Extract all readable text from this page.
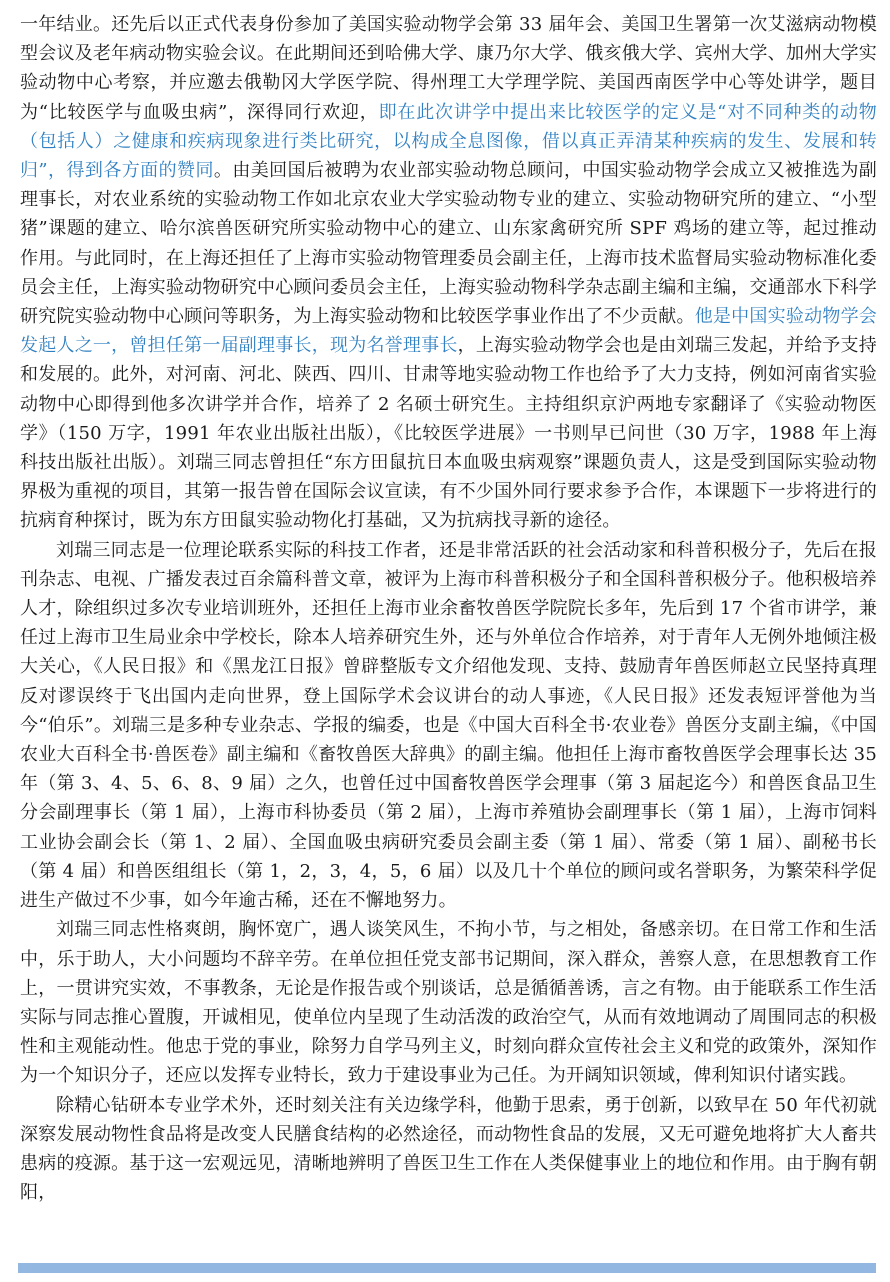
一年结业。还先后以正式代表身份参加了美国实验动物学会第 33 届年会、美国卫生署第一次艾滋病动物模型会议及老年病动物实验会议。在此期间还到哈佛大学、康乃尔大学、俄亥俄大学、宾州大学、加州大学实验动物中心考察，并应邀去俄勒冈大学医学院、得州理工大学理学院、美国西南医学中心等处讲学，题目为“比较医学与血吸虫病”，深得同行欢迎，即在此次讲学中提出来比较医学的定义是“对不同种类的动物（包括人）之健康和疾病现象进行类比研究，以构成全息图像，借以真正弄清某种疾病的发生、发展和转归”，得到各方面的赞同。由美回国后被聘为农业部实验动物总顾问，中国实验动物学会成立又被推选为副理事长，对农业系统的实验动物工作如北京农业大学实验动物专业的建立、实验动物研究所的建立、“小型猪”课题的建立、哈尔滨兽医研究所实验动物中心的建立、山东家禽研究所 SPF 鸡场的建立等，起过推动作用。与此同时，在上海还担任了上海市实验动物管理委员会副主任，上海市技术监督局实验动物标准化委员会主任，上海实验动物研究中心顾问委员会主任，上海实验动物科学杂志副主编和主编，交通部水下科学研究院实验动物中心顾问等职务，为上海实验动物和比较医学事业作出了不少贡献。他是中国实验动物学会发起人之一，曾担任第一届副理事长，现为名誉理事长，上海实验动物学会也是由刘瑞三发起，并给予支持和发展的。此外，对河南、河北、陕西、四川、甘肃等地实验动物工作也给予了大力支持，例如河南省实验动物中心即得到他多次讲学并合作，培养了 2 名硕士研究生。主持组织京沪两地专家翻译了《实验动物医学》（150 万字，1991 年农业出版社出版），《比较医学进展》一书则早已问世（30 万字，1988 年上海科技出版社出版）。刘瑞三同志曾担任“东方田鼠抗日本血吸虫病观察”课题负责人，这是受到国际实验动物界极为重视的项目，其第一报告曾在国际会议宣读，有不少国外同行要求参予合作，本课题下一步将进行的抗病育种探讨，既为东方田鼠实验动物化打基础，又为抗病找寻新的途径。

刘瑞三同志是一位理论联系实际的科技工作者，还是非常活跃的社会活动家和科普积极分子，先后在报刊杂志、电视、广播发表过百余篇科普文章，被评为上海市科普积极分子和全国科普积极分子。他积极培养人才，除组织过多次专业培训班外，还担任上海市业余畜牧兽医学院院长多年，先后到 17 个省市讲学，兼任过上海市卫生局业余中学校长，除本人培养研究生外，还与外单位合作培养，对于青年人无例外地倾注极大关心，《人民日报》和《黑龙江日报》曾辟整版专文介绍他发现、支持、鼓励青年兽医师赵立民坚持真理反对谬误终于飞出国内走向世界，登上国际学术会议讲台的动人事迹，《人民日报》还发表短评誉他为当今“伯乐”。刘瑞三是多种专业杂志、学报的编委，也是《中国大百科全书·农业卷》兽医分支副主编，《中国农业大百科全书·兽医卷》副主编和《畜牧兽医大辞典》的副主编。他担任上海市畜牧兽医学会理事长达 35 年（第 3、4、5、6、8、9 届）之久，也曾任过中国畜牧兽医学会理事（第 3 届起迄今）和兽医食品卫生分会副理事长（第 1 届），上海市科协委员（第 2 届），上海市养殖协会副理事长（第 1 届），上海市饲料工业协会副会长（第 1、2 届）、全国血吸虫病研究委员会副主委（第 1 届）、常委（第 1 届）、副秘书长（第 4 届）和兽医组组长（第 1，2，3，4，5，6 届）以及几十个单位的顾问或名誉职务，为繁荣科学促进生产做过不少事，如今年逾古稀，还在不懈地努力。

刘瑞三同志性格爽朗，胸怀宽广，遇人谈笑风生，不拘小节，与之相处，备感亲切。在日常工作和生活中，乐于助人，大小问题均不辞辛劳。在单位担任党支部书记期间，深入群众，善察人意，在思想教育工作上，一贯讲究实效，不事教条，无论是作报告或个别谈话，总是循循善诱，言之有物。由于能联系工作生活实际与同志推心置腹，开诚相见，使单位内呈现了生动活泼的政治空气，从而有效地调动了周围同志的积极性和主观能动性。他忠于党的事业，除努力自学马列主义，时刻向群众宣传社会主义和党的政策外，深知作为一个知识分子，还应以发挥专业特长，致力于建设事业为己任。为开阔知识领域，俾利知识付诸实践。

除精心钻研本专业学术外，还时刻关注有关边缘学科，他勤于思索，勇于创新，以致早在 50 年代初就深察发展动物性食品将是改变人民膳食结构的必然途径，而动物性食品的发展，又无可避免地将扩大人畜共患病的疫源。基于这一宏观远见，清晰地辨明了兽医卫生工作在人类保健事业上的地位和作用。由于胸有朝阳，
